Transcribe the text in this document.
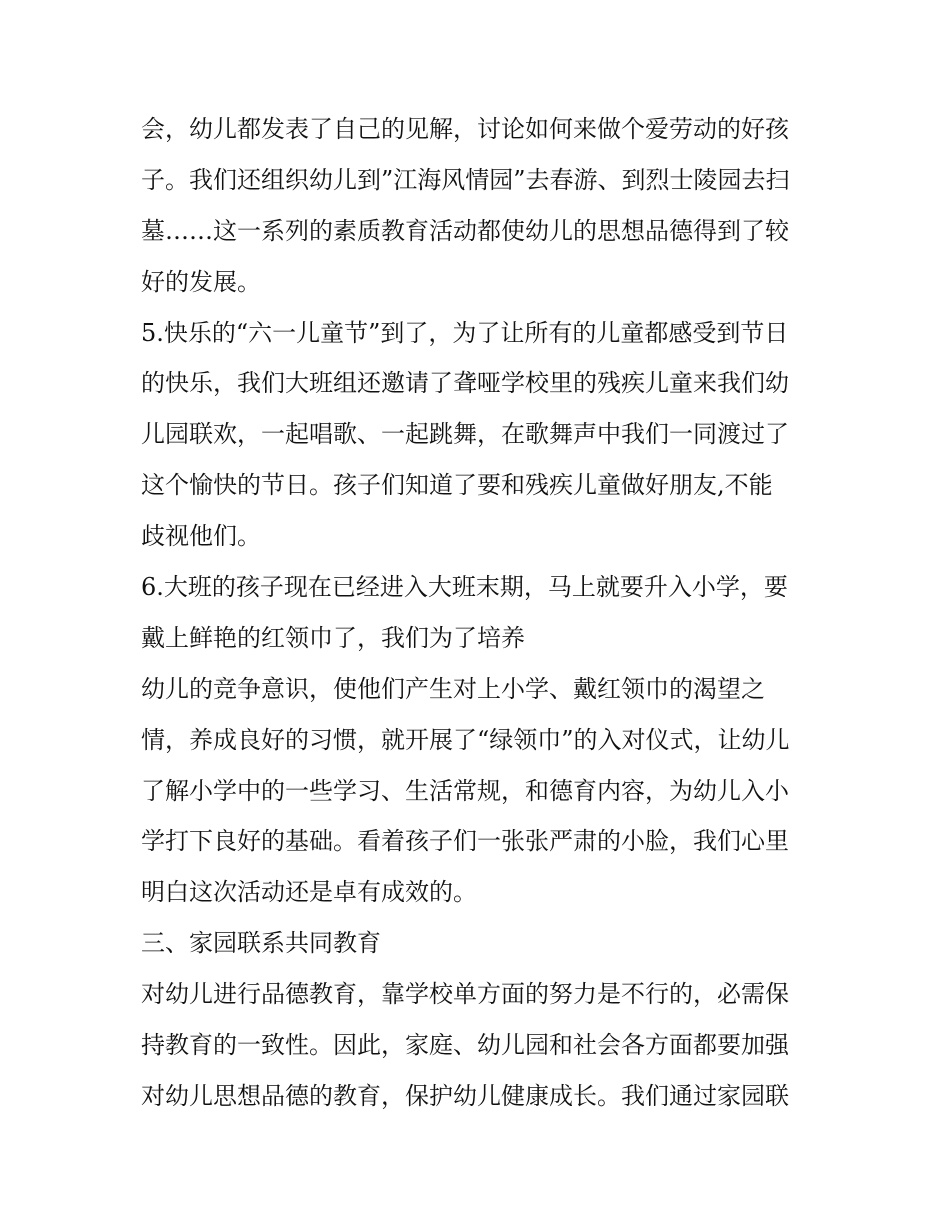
会，幼儿都发表了自己的见解，讨论如何来做个爱劳动的好孩
子。我们还组织幼儿到”江海风情园”去春游、到烈士陵园去扫
墓……这一系列的素质教育活动都使幼儿的思想品德得到了较
好的发展。
5.快乐的“六一儿童节”到了，为了让所有的儿童都感受到节日
的快乐，我们大班组还邀请了聋哑学校里的残疾儿童来我们幼
儿园联欢，一起唱歌、一起跳舞，在歌舞声中我们一同渡过了
这个愉快的节日。孩子们知道了要和残疾儿童做好朋友,不能
歧视他们。
6.大班的孩子现在已经进入大班末期，马上就要升入小学，要
戴上鲜艳的红领巾了，我们为了培养
幼儿的竞争意识，使他们产生对上小学、戴红领巾的渴望之
情，养成良好的习惯，就开展了“绿领巾”的入对仪式，让幼儿
了解小学中的一些学习、生活常规，和德育内容，为幼儿入小
学打下良好的基础。看着孩子们一张张严肃的小脸，我们心里
明白这次活动还是卓有成效的。
三、家园联系共同教育
对幼儿进行品德教育，靠学校单方面的努力是不行的，必需保
持教育的一致性。因此，家庭、幼儿园和社会各方面都要加强
对幼儿思想品德的教育，保护幼儿健康成长。我们通过家园联
